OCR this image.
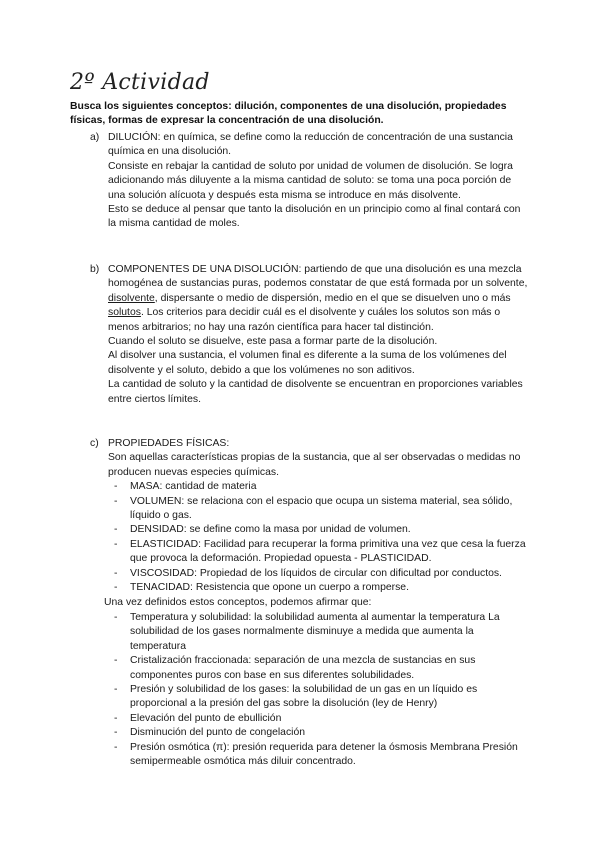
2º Actividad
Busca los siguientes conceptos: dilución, componentes de una disolución, propiedades físicas, formas de expresar la concentración de una disolución.
a) DILUCIÓN: en química, se define como la reducción de concentración de una sustancia química en una disolución.

Consiste en rebajar la cantidad de soluto por unidad de volumen de disolución. Se logra adicionando más diluyente a la misma cantidad de soluto: se toma una poca porción de una solución alícuota y después esta misma se introduce en más disolvente.

Esto se deduce al pensar que tanto la disolución en un principio como al final contará con la misma cantidad de moles.

b) COMPONENTES DE UNA DISOLUCIÓN: partiendo de que una disolución es una mezcla homogénea de sustancias puras, podemos constatar de que está formada por un solvente, disolvente, dispersante o medio de dispersión, medio en el que se disuelven uno o más solutos. Los criterios para decidir cuál es el disolvente y cuáles los solutos son más o menos arbitrarios; no hay una razón científica para hacer tal distinción.

Cuando el soluto se disuelve, este pasa a formar parte de la disolución.

Al disolver una sustancia, el volumen final es diferente a la suma de los volúmenes del disolvente y el soluto, debido a que los volúmenes no son aditivos.

La cantidad de soluto y la cantidad de disolvente se encuentran en proporciones variables entre ciertos límites.

c) PROPIEDADES FÍSICAS:

Son aquellas características propias de la sustancia, que al ser observadas o medidas no producen nuevas especies químicas.

- MASA: cantidad de materia
- VOLUMEN: se relaciona con el espacio que ocupa un sistema material, sea sólido, líquido o gas.
- DENSIDAD: se define como la masa por unidad de volumen.
- ELASTICIDAD: Facilidad para recuperar la forma primitiva una vez que cesa la fuerza que provoca la deformación. Propiedad opuesta - PLASTICIDAD.
- VISCOSIDAD: Propiedad de los líquidos de circular con dificultad por conductos.
- TENACIDAD: Resistencia que opone un cuerpo a romperse.

Una vez definidos estos conceptos, podemos afirmar que:

- Temperatura y solubilidad: la solubilidad aumenta al aumentar la temperatura La solubilidad de los gases normalmente disminuye a medida que aumenta la temperatura
- Cristalización fraccionada: separación de una mezcla de sustancias en sus componentes puros con base en sus diferentes solubilidades.
- Presión y solubilidad de los gases: la solubilidad de un gas en un líquido es proporcional a la presión del gas sobre la disolución (ley de Henry)
- Elevación del punto de ebullición
- Disminución del punto de congelación
- Presión osmótica (π): presión requerida para detener la ósmosis Membrana Presión semipermeable osmótica más diluir concentrado.
